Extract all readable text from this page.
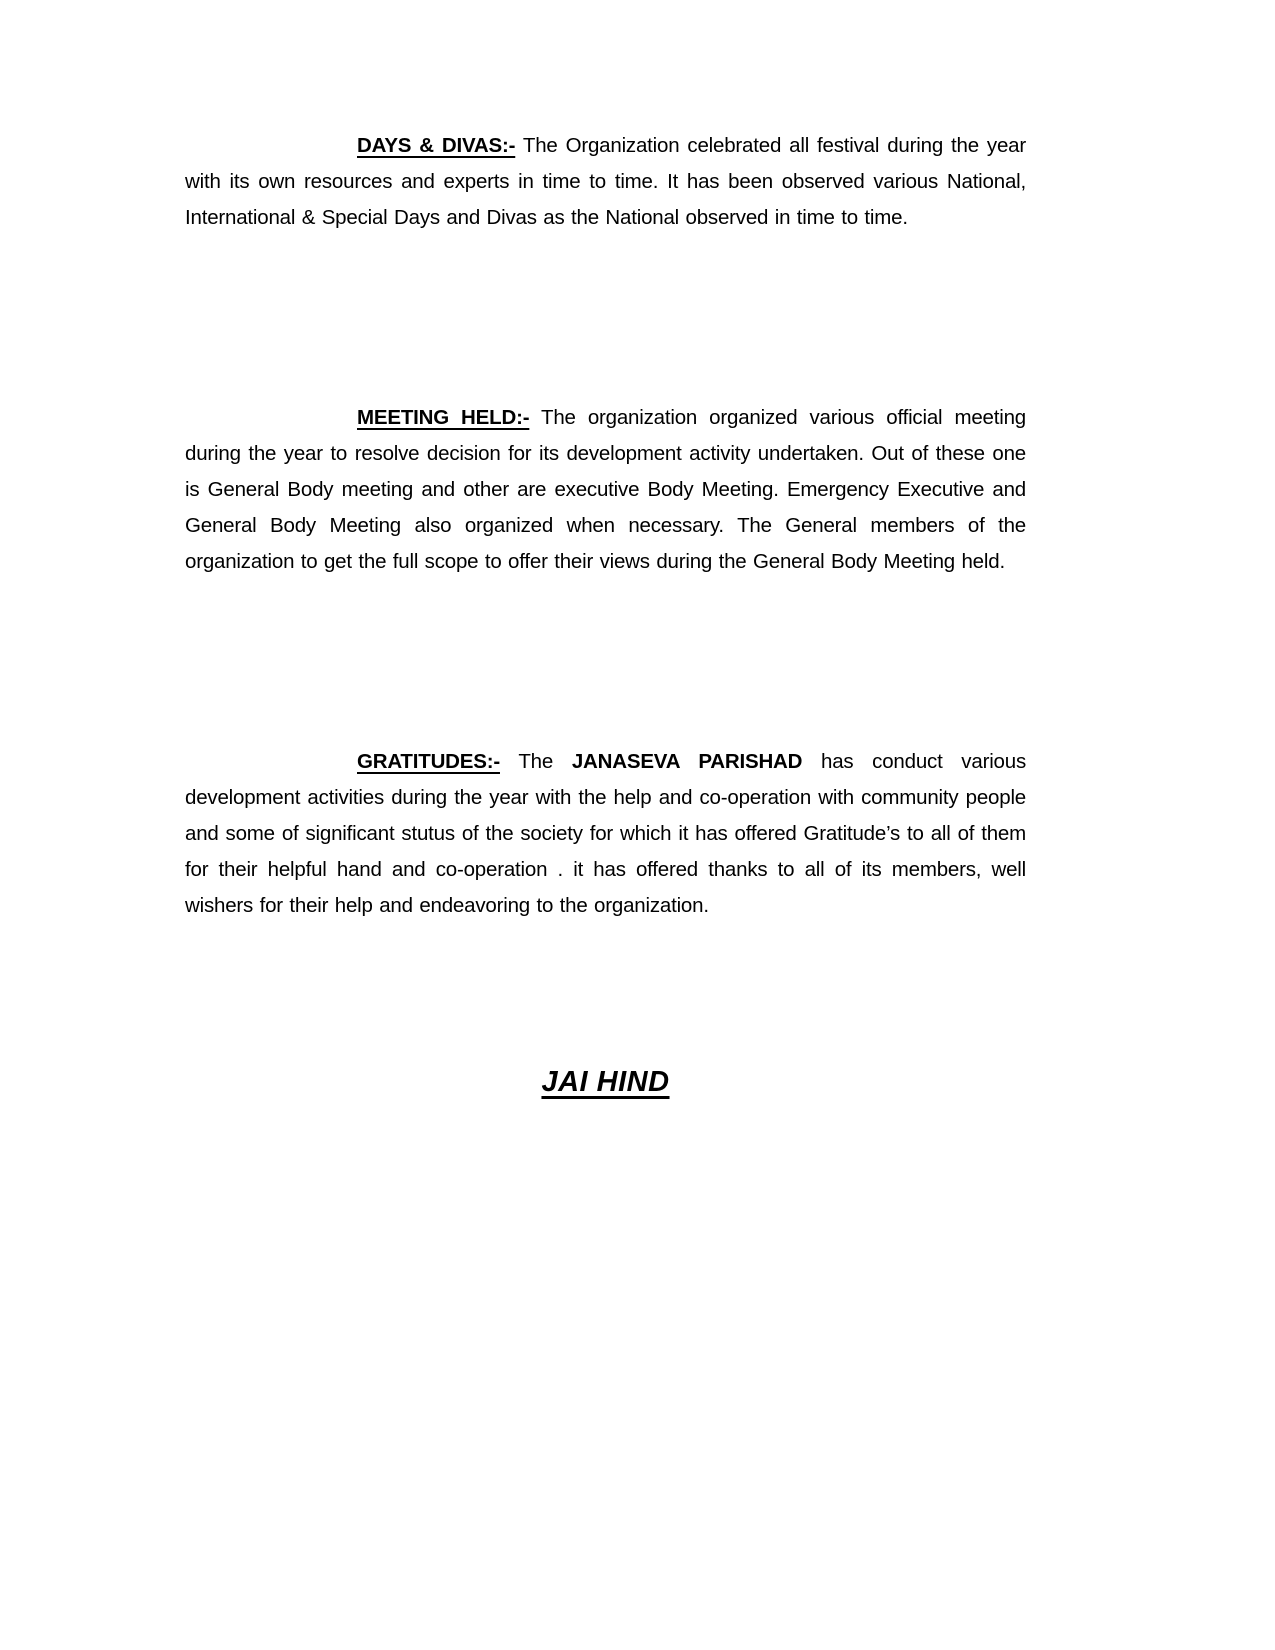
DAYS & DIVAS:- The Organization celebrated all festival during the year with its own resources and experts in time to time. It has been observed various National, International & Special Days and Divas as the National observed in time to time.

MEETING HELD:- The organization organized various official meeting during the year to resolve decision for its development activity undertaken. Out of these one is General Body meeting and other are executive Body Meeting. Emergency Executive and General Body Meeting also organized when necessary. The General members of the organization to get the full scope to offer their views during the General Body Meeting held.

GRATITUDES:- The JANASEVA PARISHAD has conduct various development activities during the year with the help and co-operation with community people and some of significant stutus of the society for which it has offered Gratitude’s to all of them for their helpful hand and co-operation . it has offered thanks to all of its members, well wishers for their help and endeavoring to the organization.

JAI HIND
